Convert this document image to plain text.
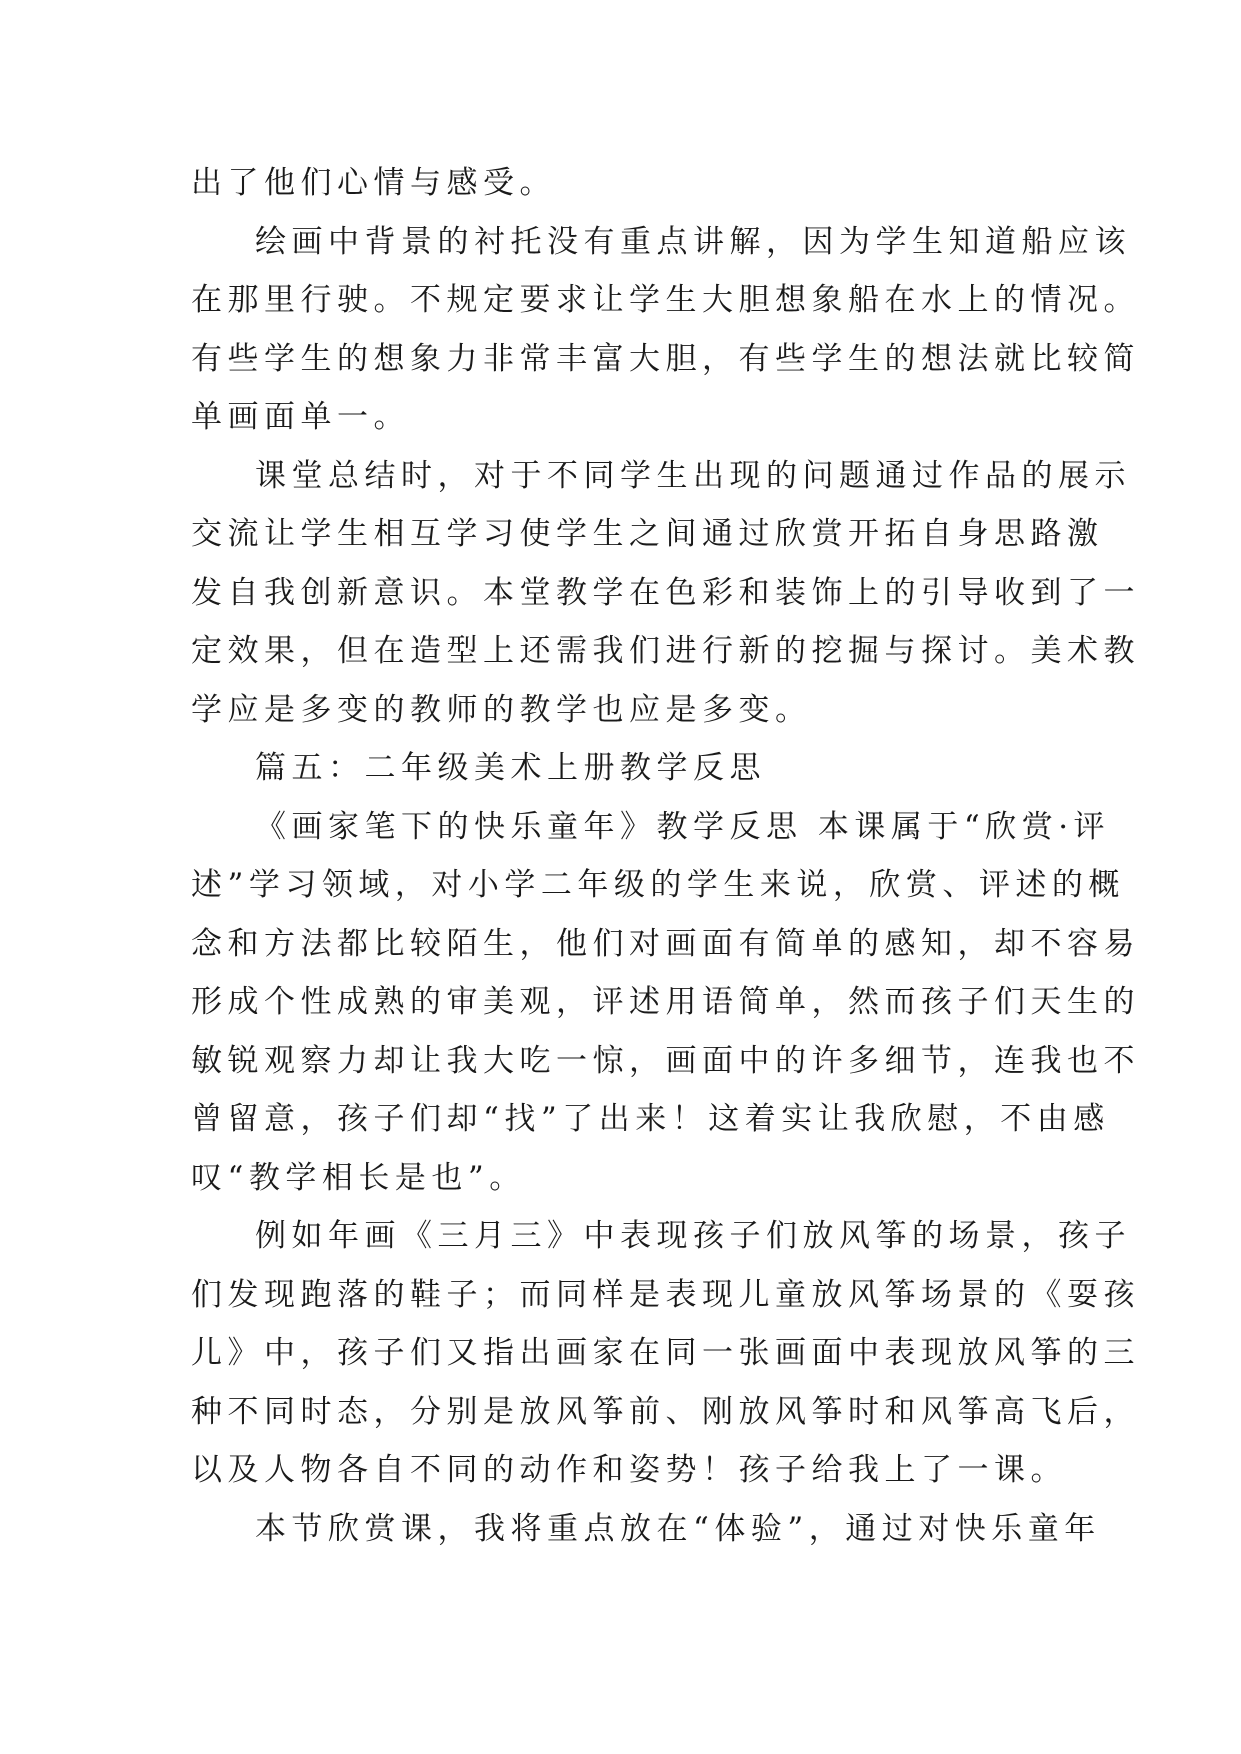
出了他们心情与感受。
绘画中背景的衬托没有重点讲解，因为学生知道船应该
在那里行驶。不规定要求让学生大胆想象船在水上的情况。
有些学生的想象力非常丰富大胆，有些学生的想法就比较简
单画面单一。
课堂总结时，对于不同学生出现的问题通过作品的展示
交流让学生相互学习使学生之间通过欣赏开拓自身思路激
发自我创新意识。本堂教学在色彩和装饰上的引导收到了一
定效果，但在造型上还需我们进行新的挖掘与探讨。美术教
学应是多变的教师的教学也应是多变。
篇五：二年级美术上册教学反思
《画家笔下的快乐童年》教学反思 本课属于“欣赏·评
述”学习领域，对小学二年级的学生来说，欣赏、评述的概
念和方法都比较陌生，他们对画面有简单的感知，却不容易
形成个性成熟的审美观，评述用语简单，然而孩子们天生的
敏锐观察力却让我大吃一惊，画面中的许多细节，连我也不
曾留意，孩子们却“找”了出来！这着实让我欣慰，不由感
叹“教学相长是也”。
例如年画《三月三》中表现孩子们放风筝的场景，孩子
们发现跑落的鞋子；而同样是表现儿童放风筝场景的《耍孩
儿》中，孩子们又指出画家在同一张画面中表现放风筝的三
种不同时态，分别是放风筝前、刚放风筝时和风筝高飞后，
以及人物各自不同的动作和姿势！孩子给我上了一课。
本节欣赏课，我将重点放在“体验”，通过对快乐童年
